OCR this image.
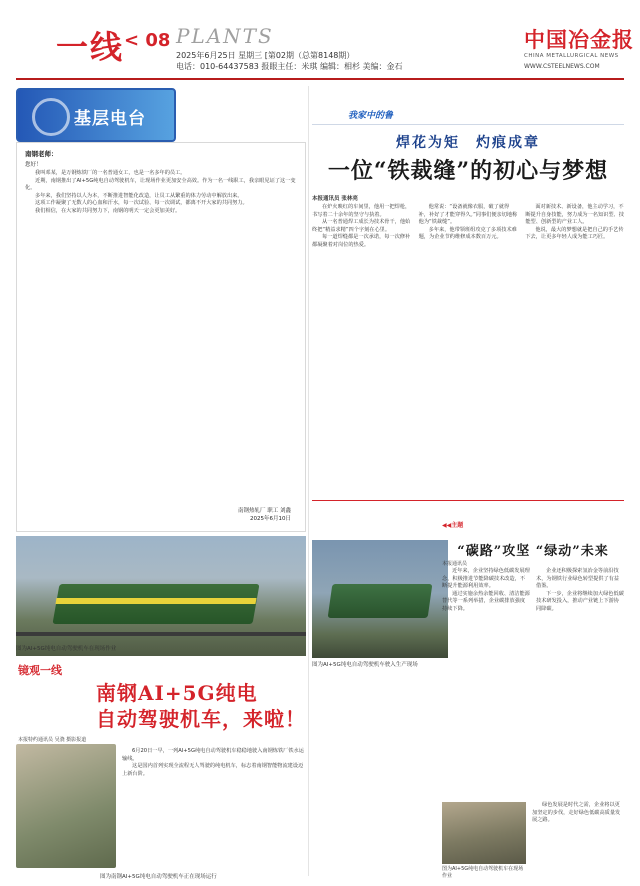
一线 < 08 PLANTS
2025年6月25日 星期三 [第02期（总第8148期）
电话：010-64437583 报眼主任：米琪 编辑：相杉 美编：金石
中国冶金报
CHINA METALLURGICAL NEWS
WWW.CSTEELNEWS.COM
基层电台
南钢老师：
您好！

我叫邓某，是万钢炼铁厂的一名普通女工，也是一名多年的员工。

近期，南钢推出了AI+5G纯电自动驾驶机车，让现场作业更加安全高效。作为一名一线职工，我亲眼见证了这一变化。

多年来，我们坚持以人为本，不断推进智能化改造，让员工从繁重的体力劳动中解放出来。

这项工作凝聚了无数人的心血和汗水，每一次试验、每一次调试，都离不开大家的共同努力。

我们相信，在大家的共同努力下，南钢的明天一定会更加美好。

南钢热轧厂 职工 刘鑫
2025年6月10日
图为AI+5G纯电自动驾驶机车在现场作业
镜观一线
南钢AI+5G纯电
自动驾驶机车，来啦！
本报特约通讯员 吴骁 摄影报道

6月20日一早，一列AI+5G纯电自动驾驶机车稳稳地驶入南钢炼铁厂铁水运输线。

这是国内首列实现全流程无人驾驶的纯电机车，标志着南钢智能物流建设迈上新台阶。

图为南钢AI+5G纯电自动驾驶机车正在现场运行
我家中的鲁
焊花为矩　灼痕成章
一位“铁裁缝”的初心与梦想
本报通讯员 张林亮

在炉火映红的车间里，他用一把焊枪，书写着二十余年的坚守与执着。

从一名普通焊工成长为技术骨干，他始终把“精益求精”四个字刻在心里。

每一道焊缝都是一次承诺，每一次修补都凝聚着对岗位的热爱。

他常说：“设备就像衣服，破了就得补，补好了才能穿得久。”同事们便亲切地称他为“铁裁缝”。

多年来，他带领班组攻克了多项技术难题，为企业节约维修成本数百万元。

面对新技术、新设备，他主动学习，不断提升自身技能，努力成为一名知识型、技能型、创新型的产业工人。

他说，最大的梦想就是把自己的手艺传下去，让更多年轻人成为能工巧匠。

图为AI+5G纯电自动驾驶机车驶入生产现场
◀◀主题
“碳路”攻坚 “绿动”未来
本报通讯员

近年来，企业坚持绿色低碳发展理念，积极推进节能降碳技术改造，不断提升能源利用效率。

通过实施余热余能回收、清洁能源替代等一系列举措，企业碳排放强度持续下降。

企业还积极探索氢冶金等前沿技术，为钢铁行业绿色转型提供了有益借鉴。

下一步，企业将继续加大绿色低碳技术研发投入，推动产业链上下游协同降碳。

图为AI+5G纯电自动驾驶机车在现场作业

绿色发展是时代之需，企业将以更加坚定的步伐，走好绿色低碳高质量发展之路。
